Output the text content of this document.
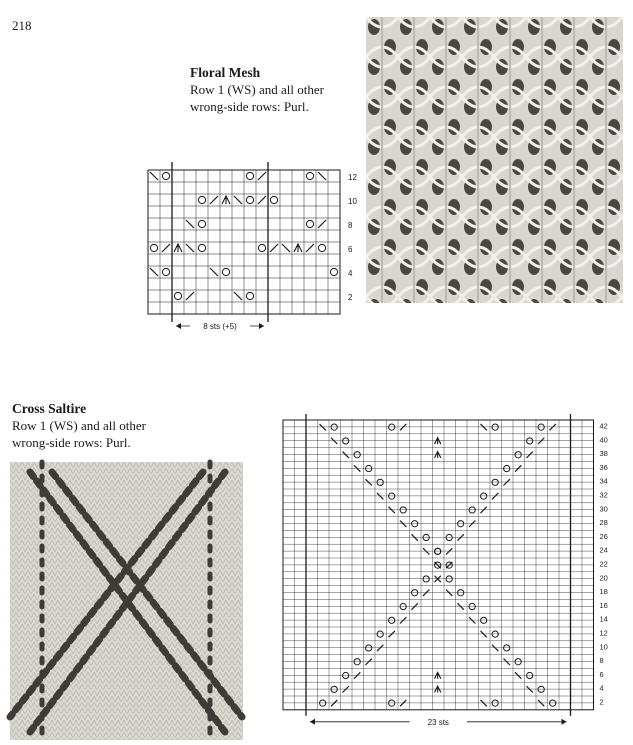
218
Floral Mesh
Row 1 (WS) and all other
wrong-side rows: Purl.
12
10
8
6
4
2
8 sts (+5)
Cross Saltire
Row 1 (WS) and all other
wrong-side rows: Purl.
42
40
38
36
34
32
30
28
26
24
22
20
18
16
14
12
10
8
6
4
2
23 sts
